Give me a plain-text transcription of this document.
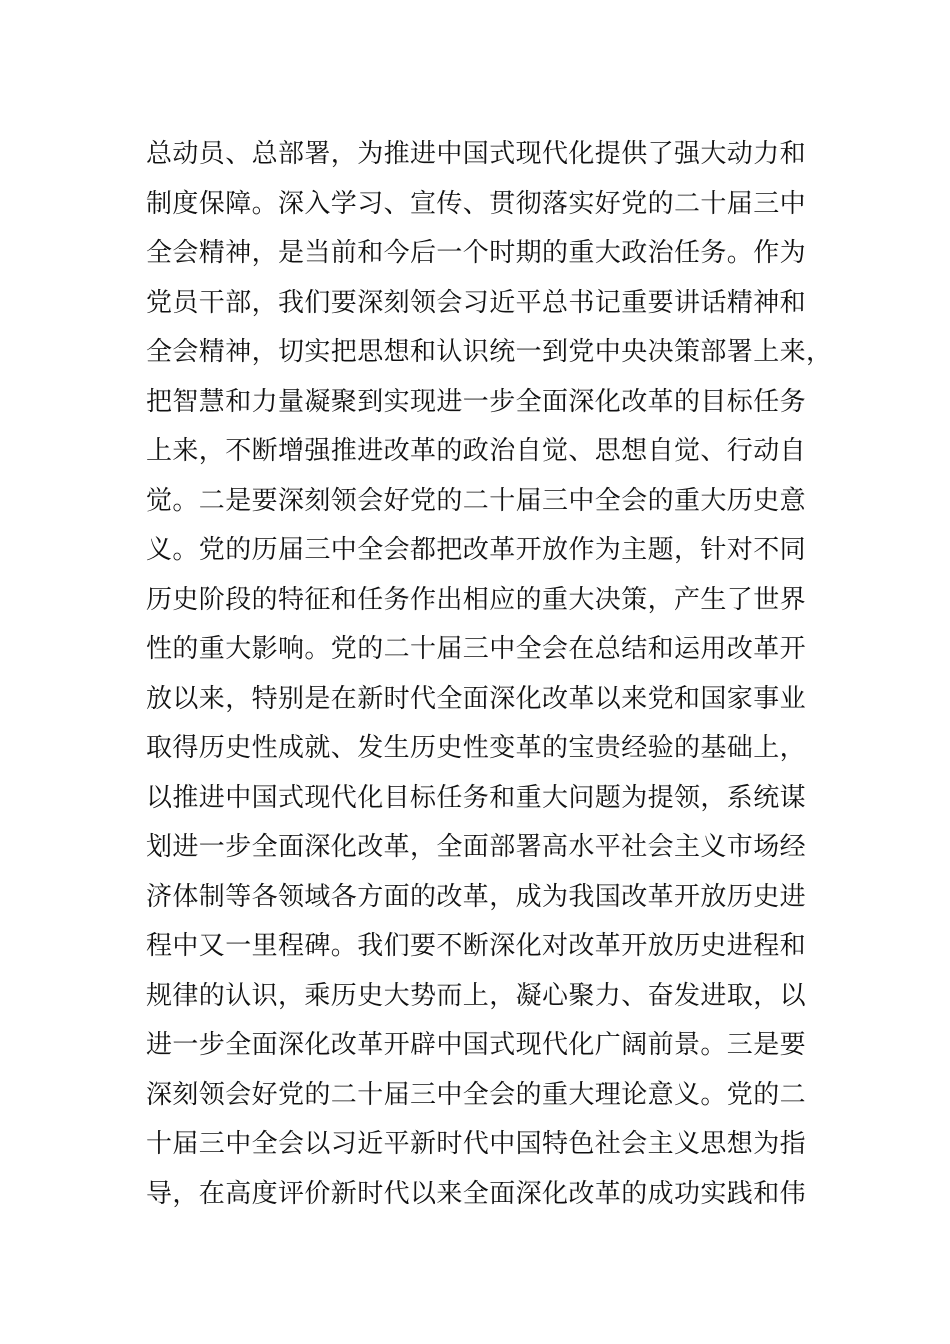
总动员、总部署，为推进中国式现代化提供了强大动力和
制度保障。深入学习、宣传、贯彻落实好党的二十届三中
全会精神，是当前和今后一个时期的重大政治任务。作为
党员干部，我们要深刻领会习近平总书记重要讲话精神和
全会精神，切实把思想和认识统一到党中央决策部署上来，
把智慧和力量凝聚到实现进一步全面深化改革的目标任务
上来，不断增强推进改革的政治自觉、思想自觉、行动自
觉。二是要深刻领会好党的二十届三中全会的重大历史意
义。党的历届三中全会都把改革开放作为主题，针对不同
历史阶段的特征和任务作出相应的重大决策，产生了世界
性的重大影响。党的二十届三中全会在总结和运用改革开
放以来，特别是在新时代全面深化改革以来党和国家事业
取得历史性成就、发生历史性变革的宝贵经验的基础上，
以推进中国式现代化目标任务和重大问题为提领，系统谋
划进一步全面深化改革，全面部署高水平社会主义市场经
济体制等各领域各方面的改革，成为我国改革开放历史进
程中又一里程碑。我们要不断深化对改革开放历史进程和
规律的认识，乘历史大势而上，凝心聚力、奋发进取，以
进一步全面深化改革开辟中国式现代化广阔前景。三是要
深刻领会好党的二十届三中全会的重大理论意义。党的二
十届三中全会以习近平新时代中国特色社会主义思想为指
导，在高度评价新时代以来全面深化改革的成功实践和伟
